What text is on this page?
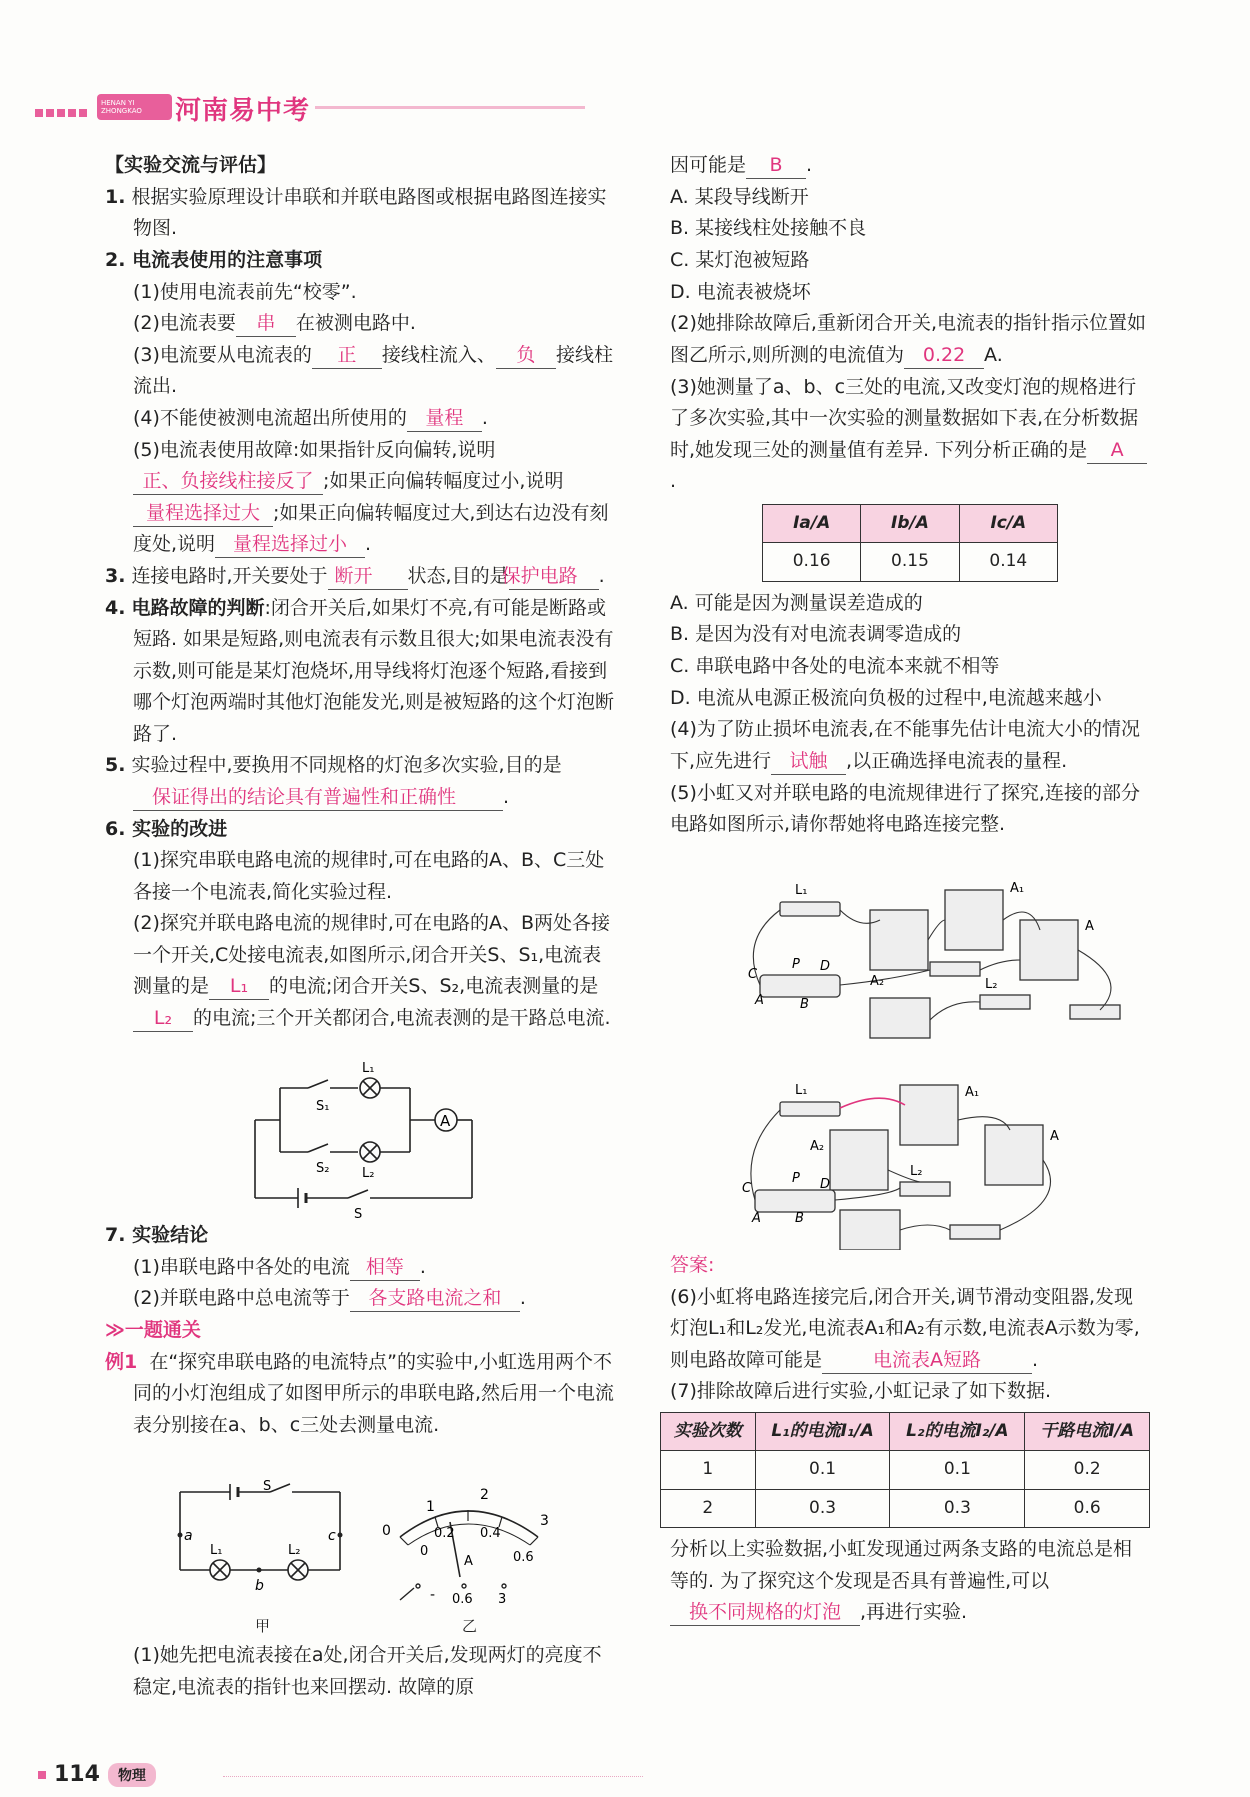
HENAN YI ZHONGKAO	河南易中考

【实验交流与评估】

1. 根据实验原理设计串联和并联电路图或根据电路图连接实物图.

2. 电流表使用的注意事项

(1)使用电流表前先“校零”.

(2)电流表要 串 在被测电路中.

(3)电流要从电流表的 正 接线柱流入、 负 接线柱流出.

(4)不能使被测电流超出所使用的 量程 .

(5)电流表使用故障:如果指针反向偏转,说明正、负接线柱接反了 ;如果正向偏转幅度过小,说明量程选择过大 ;如果正向偏转幅度过大,到达右边没有刻度处,说明 量程选择过小 .

3. 连接电路时,开关要处于 断开 状态,目的是保护电路 .

4. 电路故障的判断:闭合开关后,如果灯不亮,有可能是断路或短路. 如果是短路,则电流表有示数且很大;如果电流表没有示数,则可能是某灯泡烧坏,用导线将灯泡逐个短路,看接到哪个灯泡两端时其他灯泡能发光,则是被短路的这个灯泡断路了.

5. 实验过程中,要换用不同规格的灯泡多次实验,目的是保证得出的结论具有普遍性和正确性 .

6. 实验的改进

(1)探究串联电路电流的规律时,可在电路的A、B、C三处各接一个电流表,简化实验过程.

(2)探究并联电路电流的规律时,可在电路的A、B两处各接一个开关,C处接电流表,如图所示,闭合开关S、S₁,电流表测量的是 L₁ 的电流;闭合开关S、S₂,电流表测量的是L₂ 的电流;三个开关都闭合,电流表测的是干路总电流.

A
S₁
S₂
L₁
L₂
S

7. 实验结论

(1)串联电路中各处的电流 相等 .

(2)并联电路中总电流等于 各支路电流之和 .

≫一题通关

例1 在“探究串联电路的电流特点”的实验中,小虹选用两个不同的小灯泡组成了如图甲所示的串联电路,然后用一个电流表分别接在a、b、c三处去测量电流.

a	c
b
S
L₁	L₂
甲
0
1
2
3
0
0.2 0.4
0.6
A
- 0.6 3
乙

(1)她先把电流表接在a处,闭合开关后,发现两灯的亮度不稳定,电流表的指针也来回摆动. 故障的原

因可能是 B .

A. 某段导线断开

B. 某接线柱处接触不良

C. 某灯泡被短路

D. 电流表被烧坏

(2)她排除故障后,重新闭合开关,电流表的指针指示位置如图乙所示,则所测的电流值为 0.22 A.

(3)她测量了a、b、c三处的电流,又改变灯泡的规格进行了多次实验,其中一次实验的测量数据如下表,在分析数据时,她发现三处的测量值有差异. 下列分析正确的是 A.

Ia/A	Ib/A	Ic/A
0.16	0.15	0.14

A. 可能是因为测量误差造成的

B. 是因为没有对电流表调零造成的

C. 串联电路中各处的电流本来就不相等

D. 电流从电源正极流向负极的过程中,电流越来越小

(4)为了防止损坏电流表,在不能事先估计电流大小的情况下,应先进行 试触 ,以正确选择电流表的量程.

(5)小虹又对并联电路的电流规律进行了探究,连接的部分电路如图所示,请你帮她将电路连接完整.

L₁	A₁
A₂
A
L₂
C
P D
A	B
L₁	A₁
A₂
A
L₂
C
P D
A	B

答案:

(6)小虹将电路连接完后,闭合开关,调节滑动变阻器,发现灯泡L₁和L₂发光,电流表A₁和A₂有示数,电流表A示数为零,则电路故障可能是	电流表A短路	.

(7)排除故障后进行实验,小虹记录了如下数据.

实验次数	L₁的电流I₁/A	L₂的电流I₂/A	干路电流I/A
1	0.1	0.1	0.2
2	0.3	0.3	0.6

分析以上实验数据,小虹发现通过两条支路的电流总是相等的. 为了探究这个发现是否具有普遍性,可以换不同规格的灯泡 ,再进行实验.

114 物理
